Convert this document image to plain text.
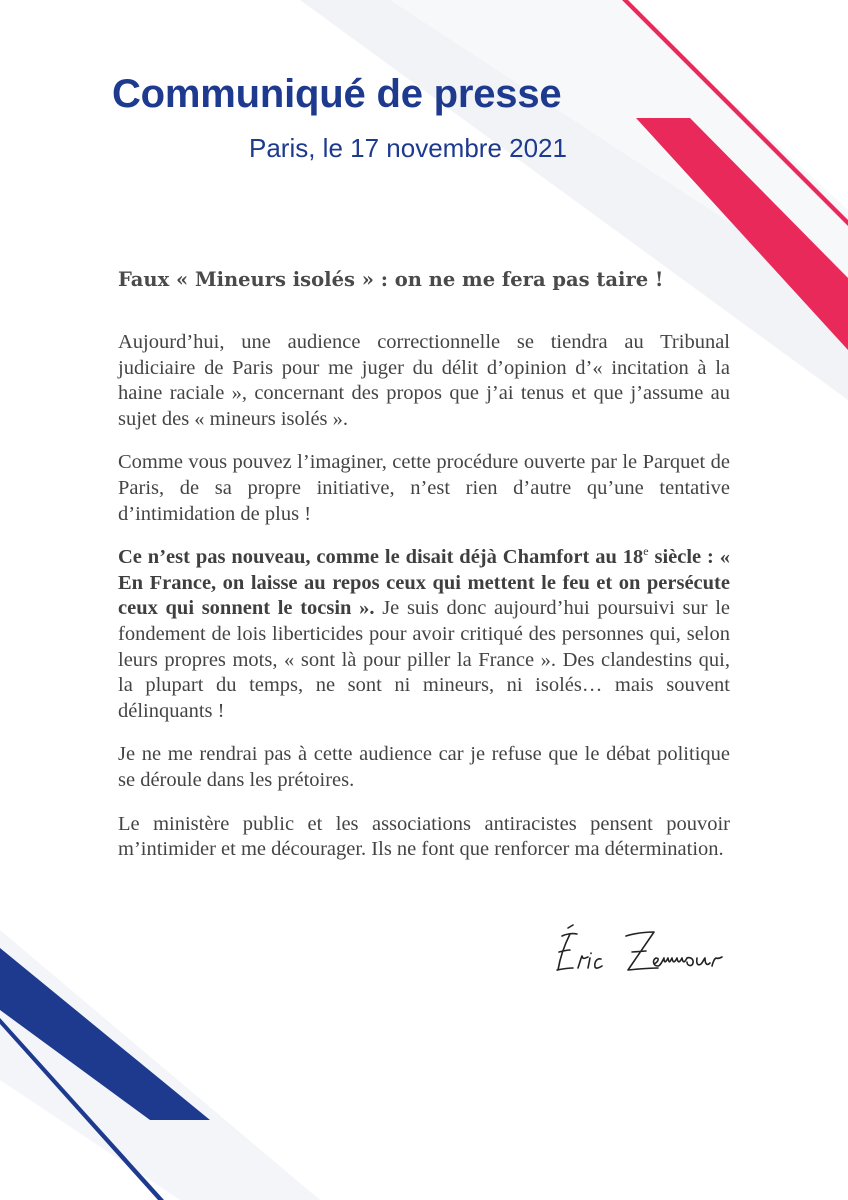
Communiqué de presse
Paris, le 17 novembre 2021
Faux « Mineurs isolés » : on ne me fera pas taire !

Aujourd’hui, une audience correctionnelle se tiendra au Tribunal judiciaire de Paris pour me juger du délit d’opinion d’« incitation à la haine raciale », concernant des propos que j’ai tenus et que j’assume au sujet des « mineurs isolés ».

Comme vous pouvez l’imaginer, cette procédure ouverte par le Parquet de Paris, de sa propre initiative, n’est rien d’autre qu’une tentative d’intimidation de plus !

Ce n’est pas nouveau, comme le disait déjà Chamfort au 18e siècle : « En France, on laisse au repos ceux qui mettent le feu et on persécute ceux qui sonnent le tocsin ». Je suis donc aujourd’hui poursuivi sur le fondement de lois liberticides pour avoir critiqué des personnes qui, selon leurs propres mots, « sont là pour piller la France ». Des clandestins qui, la plupart du temps, ne sont ni mineurs, ni isolés… mais souvent délinquants !

Je ne me rendrai pas à cette audience car je refuse que le débat politique se déroule dans les prétoires.

Le ministère public et les associations antiracistes pensent pouvoir m’intimider et me décourager. Ils ne font que renforcer ma détermination.
